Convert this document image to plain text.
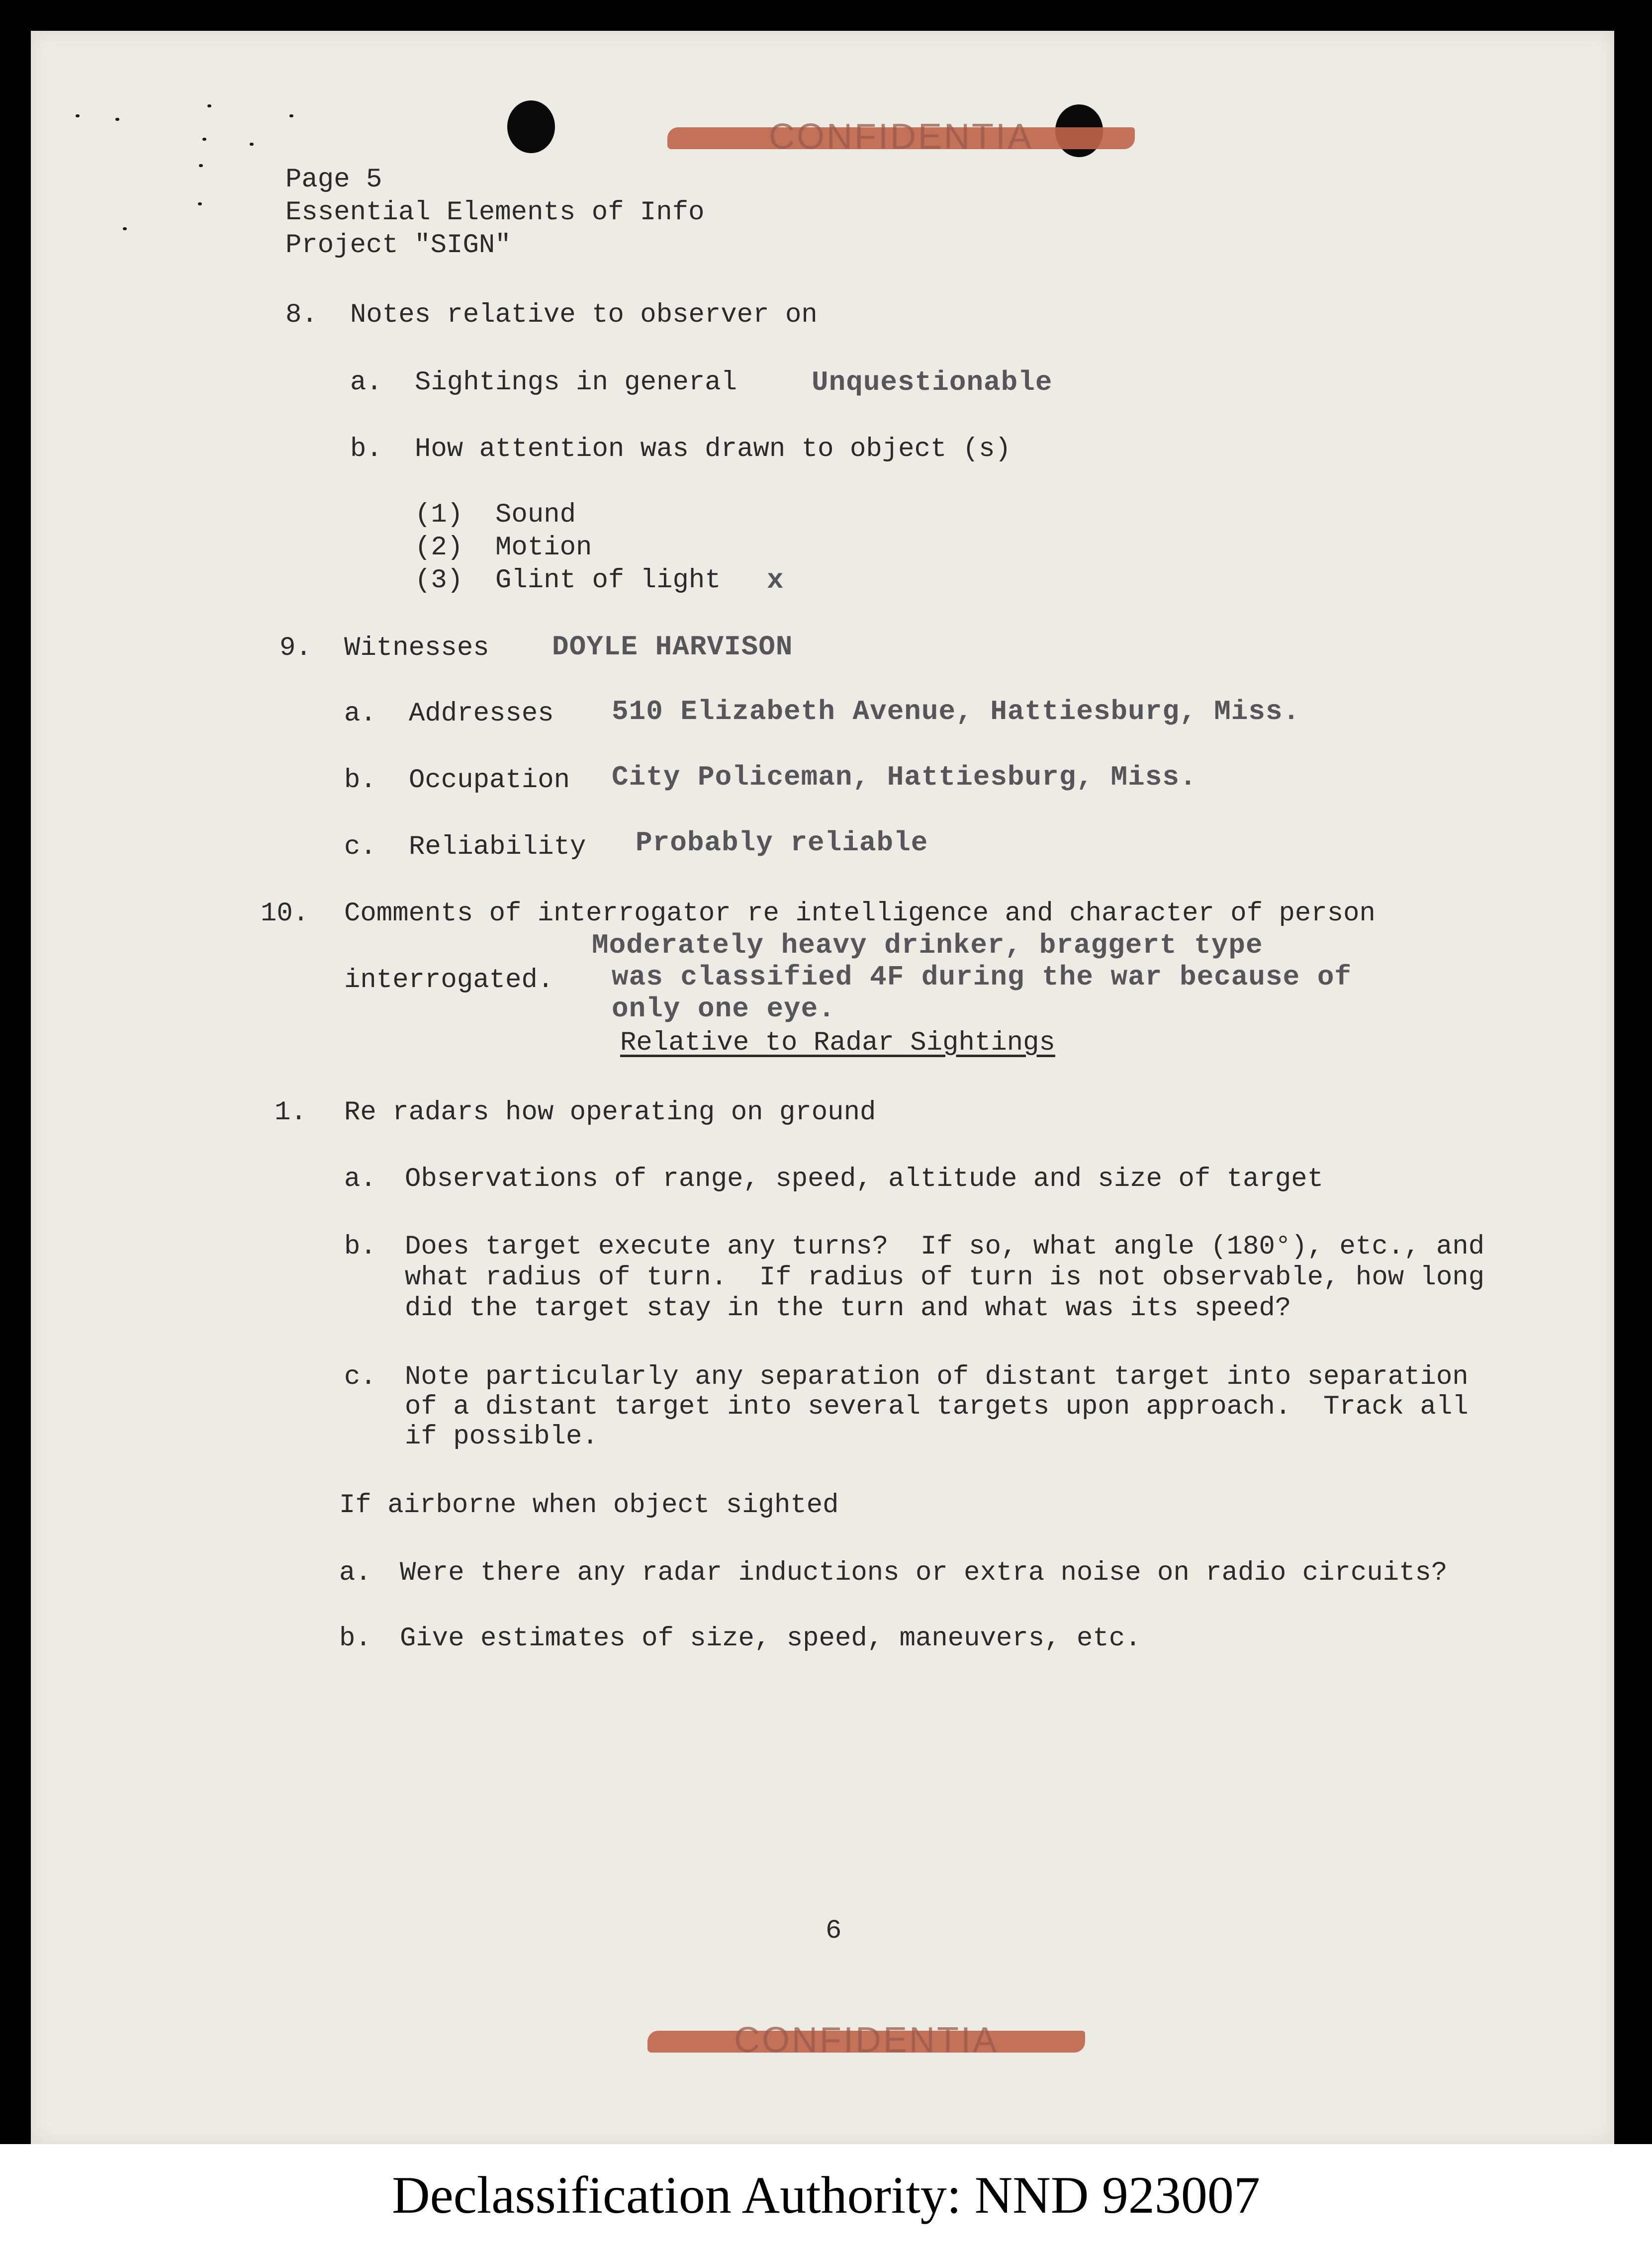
CONFIDENTIA
Page 5
Essential Elements of Info
Project "SIGN"
8. Notes relative to observer on
a. Sightings in general	Unquestionable
b. How attention was drawn to object (s)
(1)  Sound
(2)  Motion
(3)  Glint of light x
9. Witnesses DOYLE HARVISON
a. Addresses 510 Elizabeth Avenue, Hattiesburg, Miss.
b. Occupation City Policeman, Hattiesburg, Miss.
c. Reliability Probably reliable
10. Comments of interrogator re intelligence and character of person
interrogated.
Moderately heavy drinker, braggert type
was classified 4F during the war because of
only one eye.
Relative to Radar Sightings
1. Re radars how operating on ground
a. Observations of range, speed, altitude and size of target
b. Does target execute any turns?  If so, what angle (180°), etc., and
what radius of turn.  If radius of turn is not observable, how long
did the target stay in the turn and what was its speed?
c. Note particularly any separation of distant target into separation
of a distant target into several targets upon approach.  Track all
if possible.
If airborne when object sighted
a. Were there any radar inductions or extra noise on radio circuits?
b. Give estimates of size, speed, maneuvers, etc.
6
CONFIDENTIA
Declassification Authority: NND 923007
